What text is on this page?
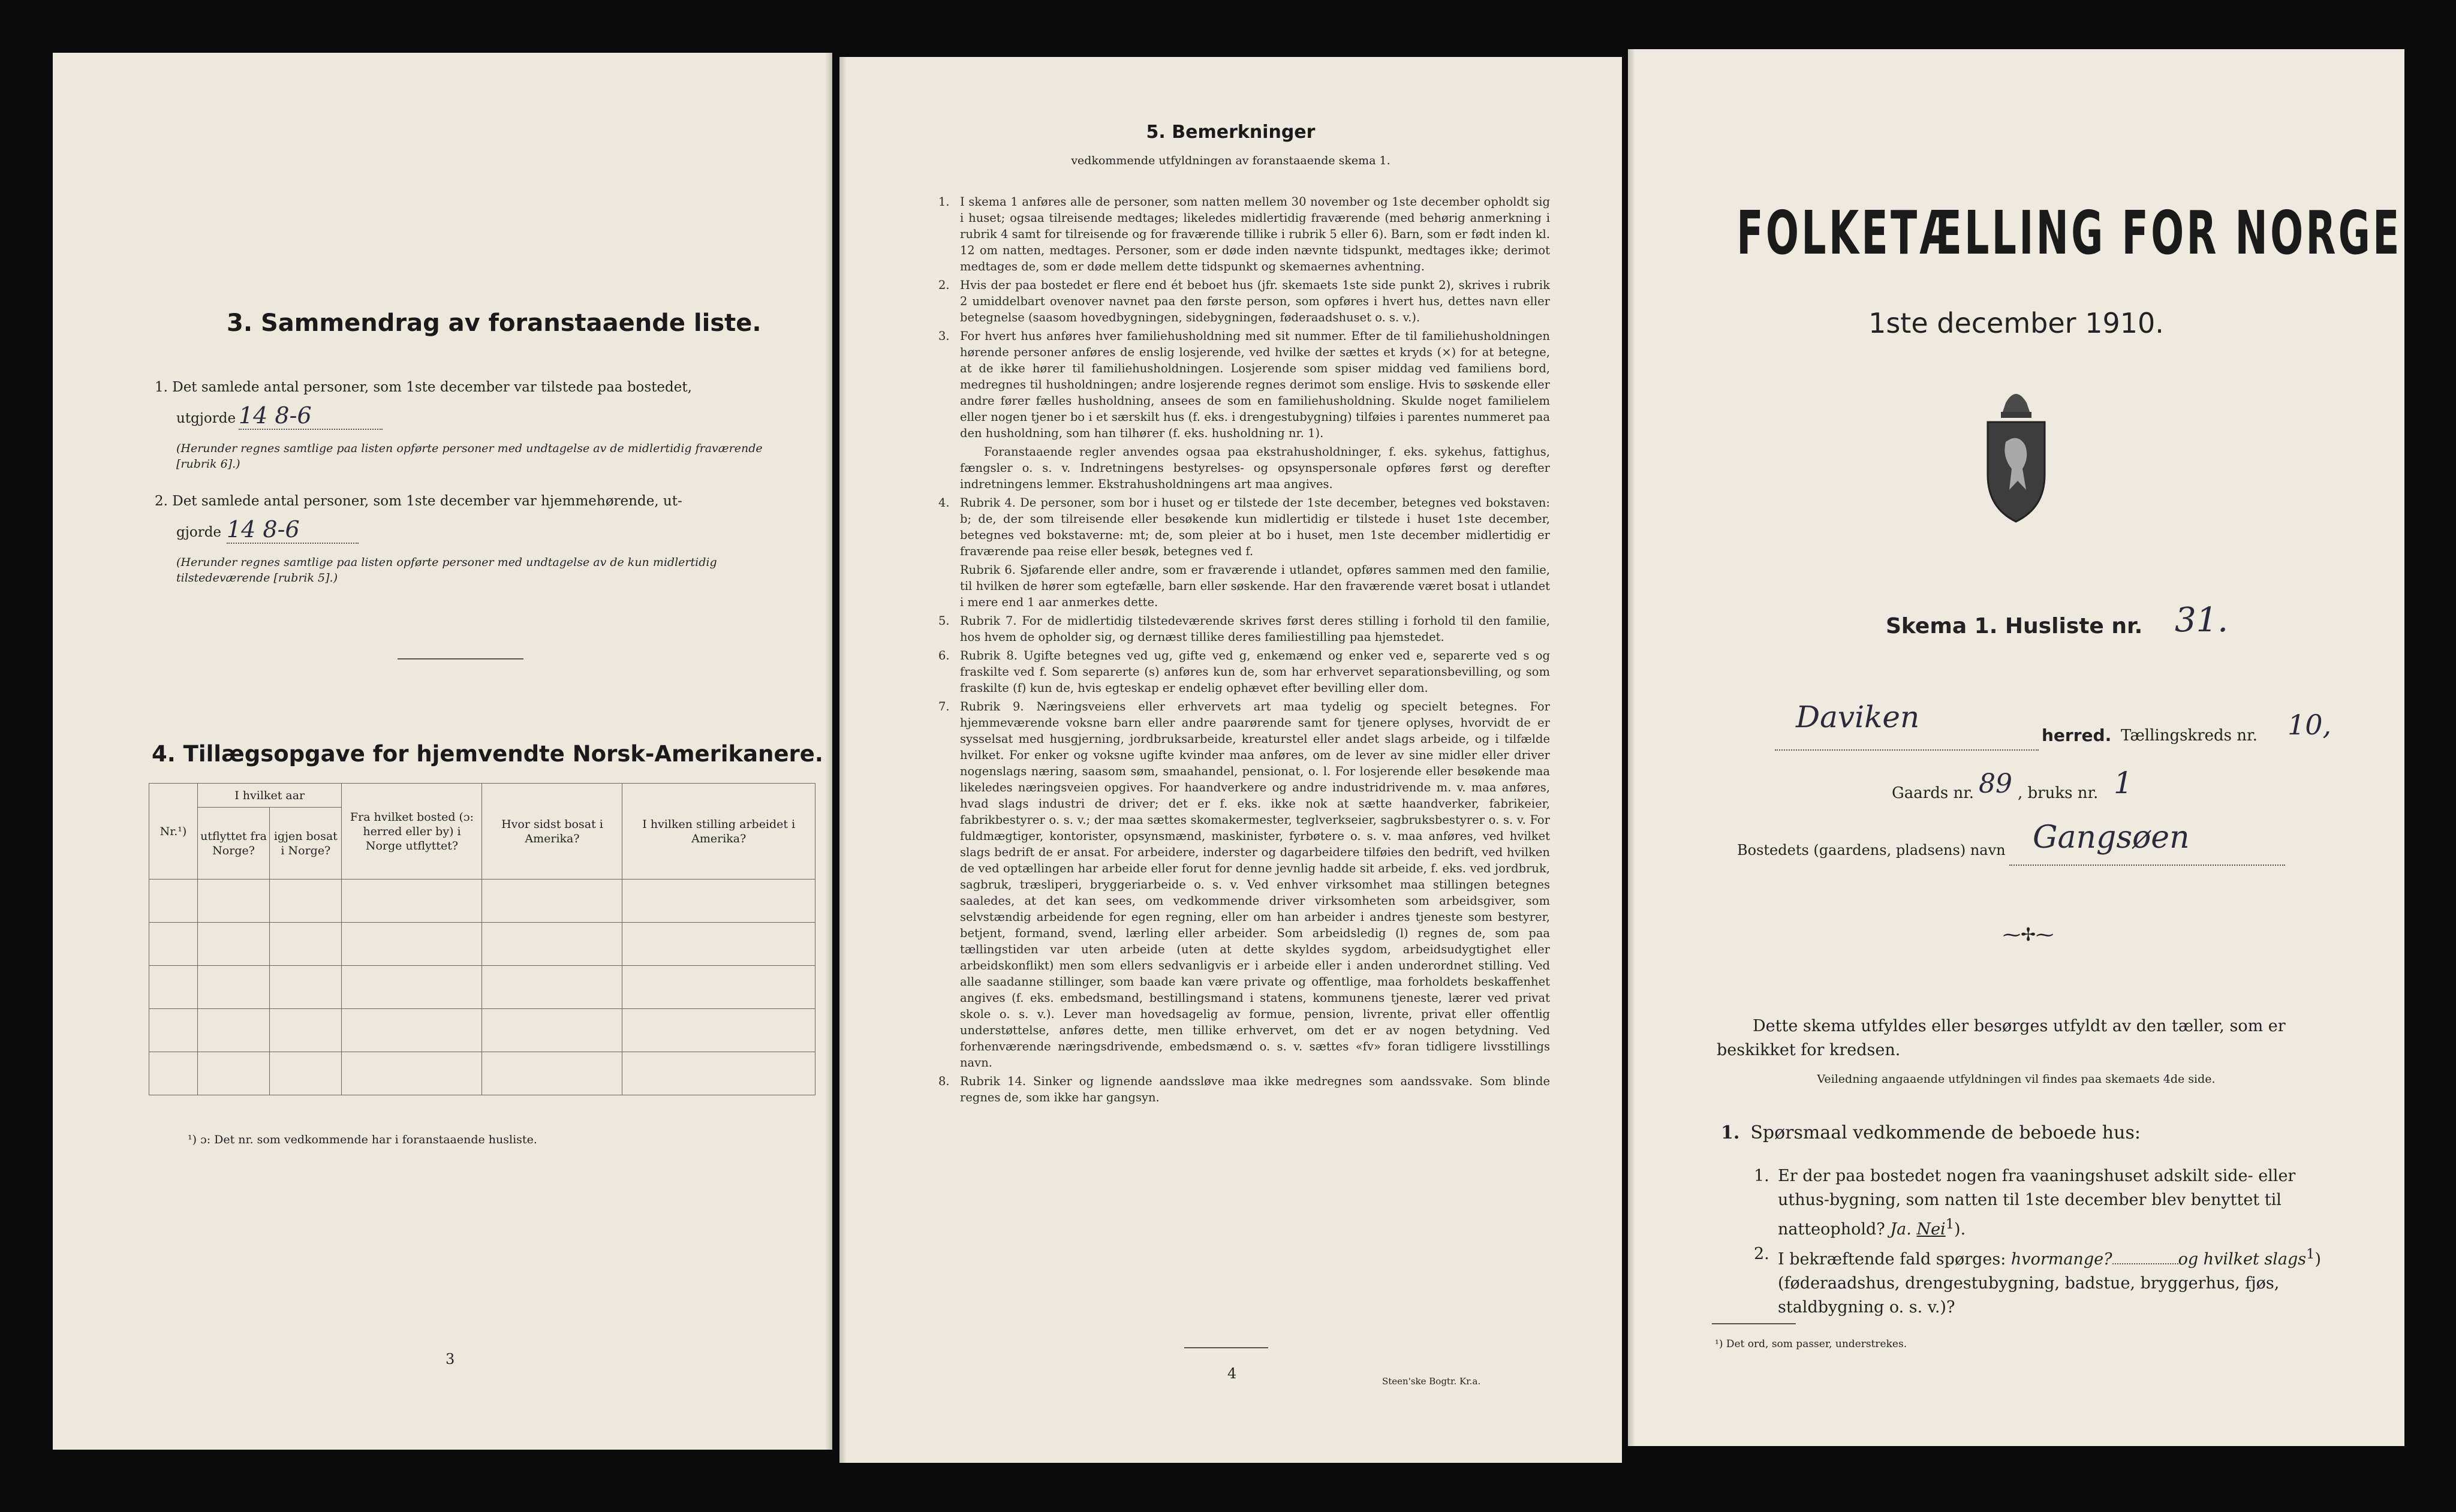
3. Sammendrag av foranstaaende liste.
1. Det samlede antal personer, som 1ste december var tilstede paa bostedet,
utgjorde 14 8-6
(Herunder regnes samtlige paa listen opførte personer med undtagelse av de midlertidig fraværende [rubrik 6].)
2. Det samlede antal personer, som 1ste december var hjemmehørende, ut-
gjorde 14 8-6
(Herunder regnes samtlige paa listen opførte personer med undtagelse av de kun midlertidig tilstedeværende [rubrik 5].)
4. Tillægsopgave for hjemvendte Norsk-Amerikanere.
Nr.¹)	I hvilket aar		Fra hvilket bosted (ɔ: herred eller by) i Norge utflyttet?	Hvor sidst bosat i Amerika?	I hvilken stilling arbeidet i Amerika?
	utflyttet fra Norge?	igjen bosat i Norge?			

¹) ɔ: Det nr. som vedkommende har i foranstaaende husliste.
3
5. Bemerkninger
vedkommende utfyldningen av foranstaaende skema 1.
1. I skema 1 anføres alle de personer, som natten mellem 30 november og 1ste december opholdt sig i huset; ogsaa tilreisende medtages; likeledes midlertidig fraværende (med behørig anmerkning i rubrik 4 samt for tilreisende og for fraværende tillike i rubrik 5 eller 6). Barn, som er født inden kl. 12 om natten, medtages. Personer, som er døde inden nævnte tidspunkt, medtages ikke; derimot medtages de, som er døde mellem dette tidspunkt og skemaernes avhentning.
2. Hvis der paa bostedet er flere end ét beboet hus (jfr. skemaets 1ste side punkt 2), skrives i rubrik 2 umiddelbart ovenover navnet paa den første person, som opføres i hvert hus, dettes navn eller betegnelse (saasom hovedbygningen, sidebygningen, føderaadshuset o. s. v.).
3. For hvert hus anføres hver familiehusholdning med sit nummer. Efter de til familiehusholdningen hørende personer anføres de enslig losjerende, ved hvilke der sættes et kryds (×) for at betegne, at de ikke hører til familiehusholdningen. Losjerende som spiser middag ved familiens bord, medregnes til husholdningen; andre losjerende regnes derimot som enslige. Hvis to søskende eller andre fører fælles husholdning, ansees de som en familiehusholdning. Skulde noget familielem eller nogen tjener bo i et særskilt hus (f. eks. i drengestubygning) tilføies i parentes nummeret paa den husholdning, som han tilhører (f. eks. husholdning nr. 1).
Foranstaaende regler anvendes ogsaa paa ekstrahusholdninger, f. eks. sykehus, fattighus, fængsler o. s. v. Indretningens bestyrelses- og opsynspersonale opføres først og derefter indretningens lemmer. Ekstrahusholdningens art maa angives.
4. Rubrik 4. De personer, som bor i huset og er tilstede der 1ste december, betegnes ved bokstaven: b; de, der som tilreisende eller besøkende kun midlertidig er tilstede i huset 1ste december, betegnes ved bokstaverne: mt; de, som pleier at bo i huset, men 1ste december midlertidig er fraværende paa reise eller besøk, betegnes ved f.
Rubrik 6. Sjøfarende eller andre, som er fraværende i utlandet, opføres sammen med den familie, til hvilken de hører som egtefælle, barn eller søskende. Har den fraværende været bosat i utlandet i mere end 1 aar anmerkes dette.
5. Rubrik 7. For de midlertidig tilstedeværende skrives først deres stilling i forhold til den familie, hos hvem de opholder sig, og dernæst tillike deres familiestilling paa hjemstedet.
6. Rubrik 8. Ugifte betegnes ved ug, gifte ved g, enkemænd og enker ved e, separerte ved s og fraskilte ved f. Som separerte (s) anføres kun de, som har erhvervet separationsbevilling, og som fraskilte (f) kun de, hvis egteskap er endelig ophævet efter bevilling eller dom.
7. Rubrik 9. Næringsveiens eller erhvervets art maa tydelig og specielt betegnes. For hjemmeværende voksne barn eller andre paarørende samt for tjenere oplyses, hvorvidt de er sysselsat med husgjerning, jordbruksarbeide, kreaturstel eller andet slags arbeide, og i tilfælde hvilket. For enker og voksne ugifte kvinder maa anføres, om de lever av sine midler eller driver nogenslags næring, saasom søm, smaahandel, pensionat, o. l. For losjerende eller besøkende maa likeledes næringsveien opgives. For haandverkere og andre industridrivende m. v. maa anføres, hvad slags industri de driver; det er f. eks. ikke nok at sætte haandverker, fabrikeier, fabrikbestyrer o. s. v.; der maa sættes skomakermester, teglverkseier, sagbruksbestyrer o. s. v. For fuldmægtiger, kontorister, opsynsmænd, maskinister, fyrbøtere o. s. v. maa anføres, ved hvilket slags bedrift de er ansat. For arbeidere, inderster og dagarbeidere tilføies den bedrift, ved hvilken de ved optællingen har arbeide eller forut for denne jevnlig hadde sit arbeide, f. eks. ved jordbruk, sagbruk, træsliperi, bryggeriarbeide o. s. v. Ved enhver virksomhet maa stillingen betegnes saaledes, at det kan sees, om vedkommende driver virksomheten som arbeidsgiver, som selvstændig arbeidende for egen regning, eller om han arbeider i andres tjeneste som bestyrer, betjent, formand, svend, lærling eller arbeider. Som arbeidsledig (l) regnes de, som paa tællingstiden var uten arbeide (uten at dette skyldes sygdom, arbeidsudygtighet eller arbeidskonflikt) men som ellers sedvanligvis er i arbeide eller i anden underordnet stilling. Ved alle saadanne stillinger, som baade kan være private og offentlige, maa forholdets beskaffenhet angives (f. eks. embedsmand, bestillingsmand i statens, kommunens tjeneste, lærer ved privat skole o. s. v.). Lever man hovedsagelig av formue, pension, livrente, privat eller offentlig understøttelse, anføres dette, men tillike erhvervet, om det er av nogen betydning. Ved forhenværende næringsdrivende, embedsmænd o. s. v. sættes «fv» foran tidligere livsstillings navn.
8. Rubrik 14. Sinker og lignende aandssløve maa ikke medregnes som aandssvake. Som blinde regnes de, som ikke har gangsyn.
4	Steen'ske Bogtr. Kr.a.
FOLKETÆLLING FOR NORGE
1ste december 1910.
Skema 1. Husliste nr. 31.
Daviken
herred. Tællingskreds nr. 10,
Gaards nr. 89 , bruks nr. 1
Bostedets (gaardens, pladsens) navn Gangsøen
⁓✢⁓
Dette skema utfyldes eller besørges utfyldt av den tæller, som er beskikket for kredsen.
Veiledning angaaende utfyldningen vil findes paa skemaets 4de side.
1. Spørsmaal vedkommende de beboede hus:
1. Er der paa bostedet nogen fra vaaningshuset adskilt side- eller uthus-bygning, som natten til 1ste december blev benyttet til natteophold? Ja. Nei$^1$).
2. I bekræftende fald spørges: hvormange?	og hvilket slags$^1$) (føderaadshus, drengestubygning, badstue, bryggerhus, fjøs, staldbygning o. s. v.)?
¹) Det ord, som passer, understrekes.
